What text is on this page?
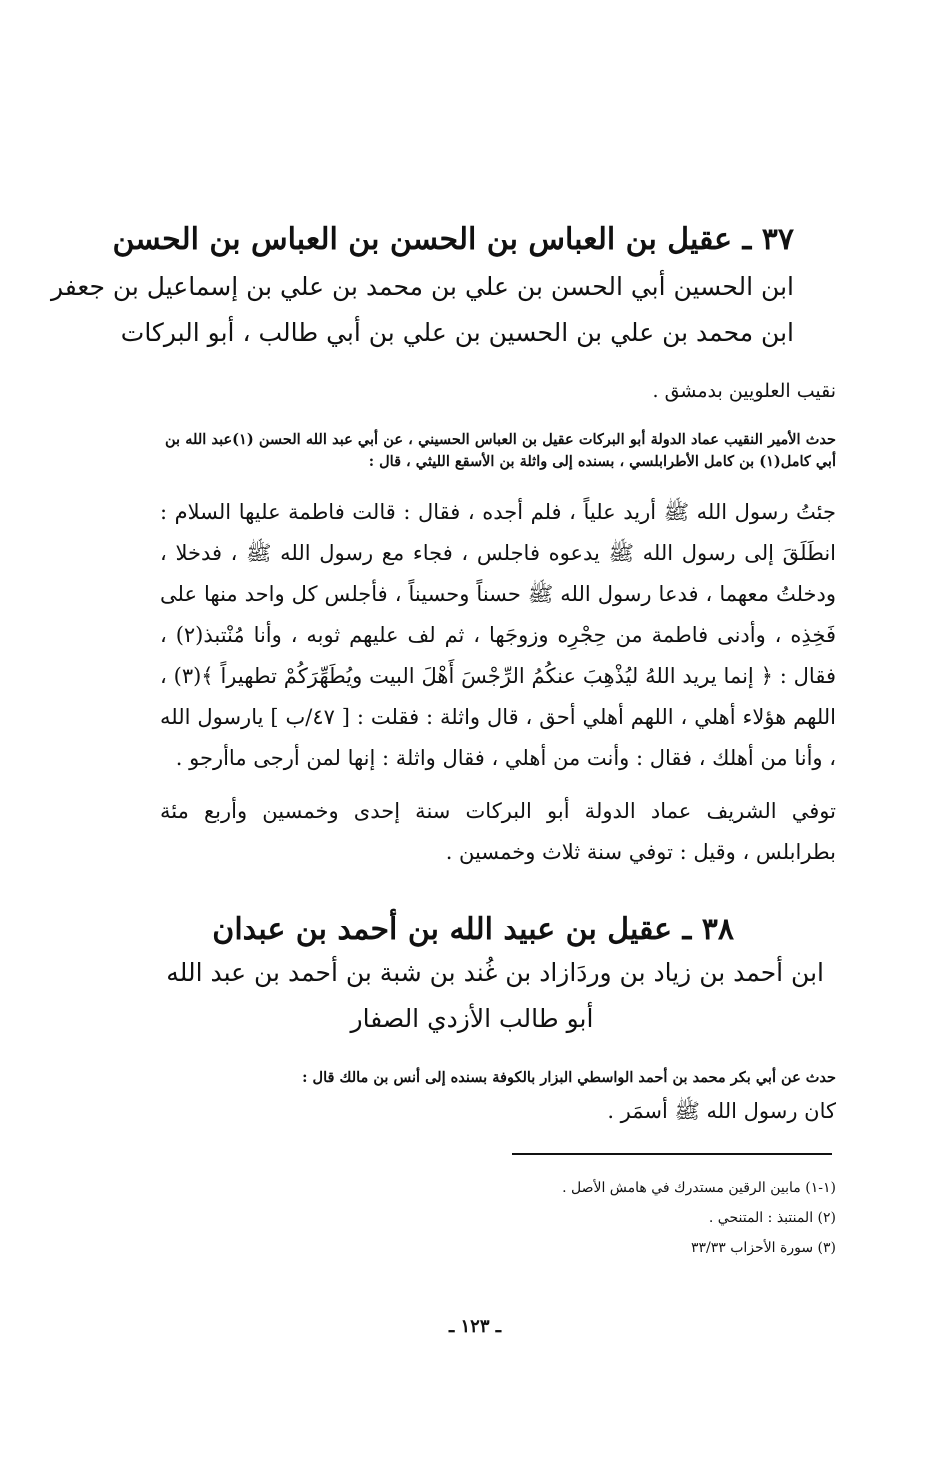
٣٧ ـ عقيل بن العباس بن الحسن بن العباس بن الحسن
ابن الحسين أبي الحسن بن علي بن محمد بن علي بن إسماعيل بن جعفر
ابن محمد بن علي بن الحسين بن علي بن أبي طالب ، أبو البركات
نقيب العلويين بدمشق .
حدث الأمير النقيب عماد الدولة أبو البركات عقيل بن العباس الحسيني ، عن أبي عبد الله الحسن (١)عبد الله بن أبي كامل(١) بن كامل الأطرابلسي ، بسنده إلى واثلة بن الأسقع الليثي ، قال :
جئتُ رسول الله ﷺ أريد علياً ، فلم أجده ، فقال : قالت فاطمة عليها السلام : انطَلَقَ إلى رسول الله ﷺ يدعوه فاجلس ، فجاء مع رسول الله ﷺ ، فدخلا ، ودخلتُ معهما ، فدعا رسول الله ﷺ حسناً وحسيناً ، فأجلس كل واحد منها على فَخِذِه ، وأدنى فاطمة من حِجْرِه وزوجَها ، ثم لف عليهم ثوبه ، وأنا مُنْتبذ(٢) ، فقال : ﴿ إنما يريد اللهُ ليُذْهِبَ عنكُمُ الرِّجْسَ أَهْلَ البيت ويُطَهِّرَكُمْ تطهيراً ﴾(٣) ، اللهم هؤلاء أهلي ، اللهم أهلي أحق ، قال واثلة : فقلت : [ ٤٧/ب ] يارسول الله ، وأنا من أهلك ، فقال : وأنت من أهلي ، فقال واثلة : إنها لمن أرجى ماأرجو .
توفي الشريف عماد الدولة أبو البركات سنة إحدى وخمسين وأربع مئة بطرابلس ، وقيل : توفي سنة ثلاث وخمسين .
٣٨ ـ عقيل بن عبيد الله بن أحمد بن عبدان
ابن أحمد بن زياد بن وردَازاد بن غُند بن شبة بن أحمد بن عبد الله
أبو طالب الأزدي الصفار
حدث عن أبي بكر محمد بن أحمد الواسطي البزار بالكوفة بسنده إلى أنس بن مالك قال :
كان رسول الله ﷺ أسمَر .
(١-١) مابين الرقين مستدرك في هامش الأصل .
(٢) المنتبذ : المتنحي .
(٣) سورة الأحزاب ٣٣/٣٣
ـ ١٢٣ ـ
